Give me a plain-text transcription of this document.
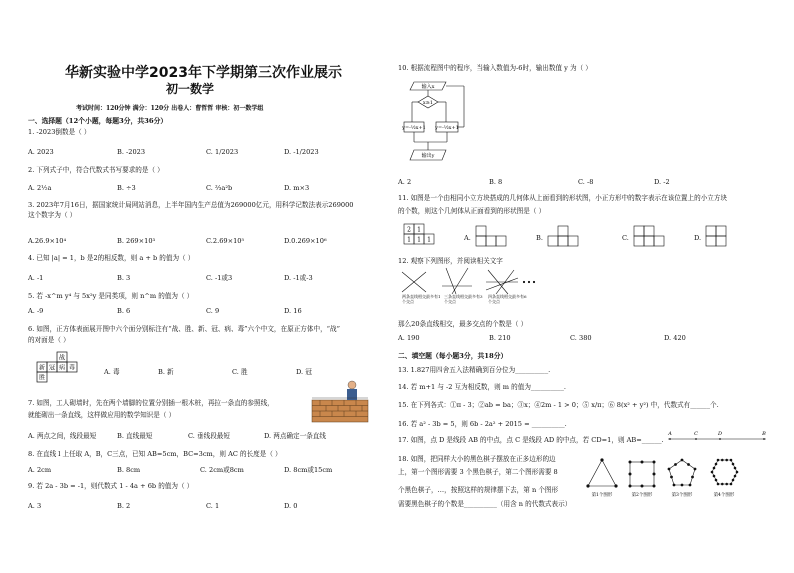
华新实验中学2023年下学期第三次作业展示
初一数学
考试时间：120分钟 满分：120分 出卷人：曹哲哲 审核：初一数学组
一、选择题（12个小题，每题3分，共36分）
1. -2023倒数是（ ）
A. 2023	B. -2023	C. 1/2023	D. -1/2023
2. 下列式子中，符合代数式书写要求的是（ ）
A. 2½a	B. ÷3	C. ⅔a²b	D. m×3
3. 2023年7月16日，据国家统计局网站消息，上半年国内生产总值为269000亿元，用科学记数法表示269000
这个数字为（ ）
A.26.9×10⁴	B. 269×10³	C.2.69×10⁵	D.0.269×10⁶
4. 已知 |a| = 1，b 是2的相反数，则 a + b 的值为（ ）
A. -1	B. 3	C. -1或3	D. -1或-3
5. 若 -x^m y⁴ 与 5x²y 是同类项，则 n^m 的值为（ ）
A. -9	B. 6	C. 9	D. 16
6. 如图，正方体表面展开图中六个面分别标注有“战、胜、新、冠、病、毒”六个中文，在原正方体中，“战”
的对面是（ ）
战
新 冠 病 毒
胜
A. 毒	B. 新	C. 胜	D. 冠
7. 如图，工人砌墙时，先在两个墙脚的位置分别插一根木桩，再拉一条直的参照线，
就能砌出一条直线，这样做应用的数学知识是（ ）
A. 两点之间，线段最短	B. 直线最短	C. 垂线段最短	D. 两点确定一条直线
8. 在直线 l 上任取 A，B，C三点，已知 AB=5cm，BC=3cm，则 AC 的长度是（ ）
A. 2cm	B. 8cm	C. 2cm或8cm	D. 8cm或15cm
9. 若 2a - 3b = -1，则代数式 1 - 4a + 6b 的值为（ ）
A. 3	B. 2	C. 1	D. 0
10. 根据流程图中的程序，当输入数值为-6时，输出数值 y 为（ ）
输入x
x≥1
y=-½x+1 y=-½x+1
输出y
A. 2	B. 8	C. -8	D. -2
11. 如图是一个由相同小立方块搭成的几何体从上面看到的形状图，小正方形中的数字表示在该位置上的小立方块
的个数，则这个几何体从正面看到的形状图是（ ）
2 1
1 1 1	A.	B.	C.	D.
12. 观察下列图形，并阅读相关文字
两条直线相交最多有1个交点
三条直线相交最多有3个交点
四条直线相交最多有6个交点
那么20条直线相交，最多交点的个数是（ ）
A. 190	B. 210	C. 380	D. 420
二、填空题（每小题3分，共18分）
13. 1.827用四舍五入法精确到百分位为__________.
14. 若 m+1 与 -2 互为相反数，则 m 的值为__________.
15. 在下列各式：①π - 3；②ab = ba；③x；④2m - 1 > 0；⑤ x/π；⑥ 8(x² + y²) 中，代数式有______个.
16. 若 a² - 3b = 5，则 6b - 2a² + 2015 = __________.
17. 如图，点 D 是线段 AB 的中点，点 C 是线段 AD 的中点，若 CD=1，则 AB=______.
A	C	D	B
18. 如图，把同样大小的黑色棋子摆放在正多边形的边
上，第一个图形需要 3 个黑色棋子，第二个图形需要 8
个黑色棋子，…，按照这样的规律摆下去，第 n 个图形
需要黑色棋子的个数是__________（用含 n 的代数式表示）
第1个图形	第2个图形	第3个图形	第4个图形
